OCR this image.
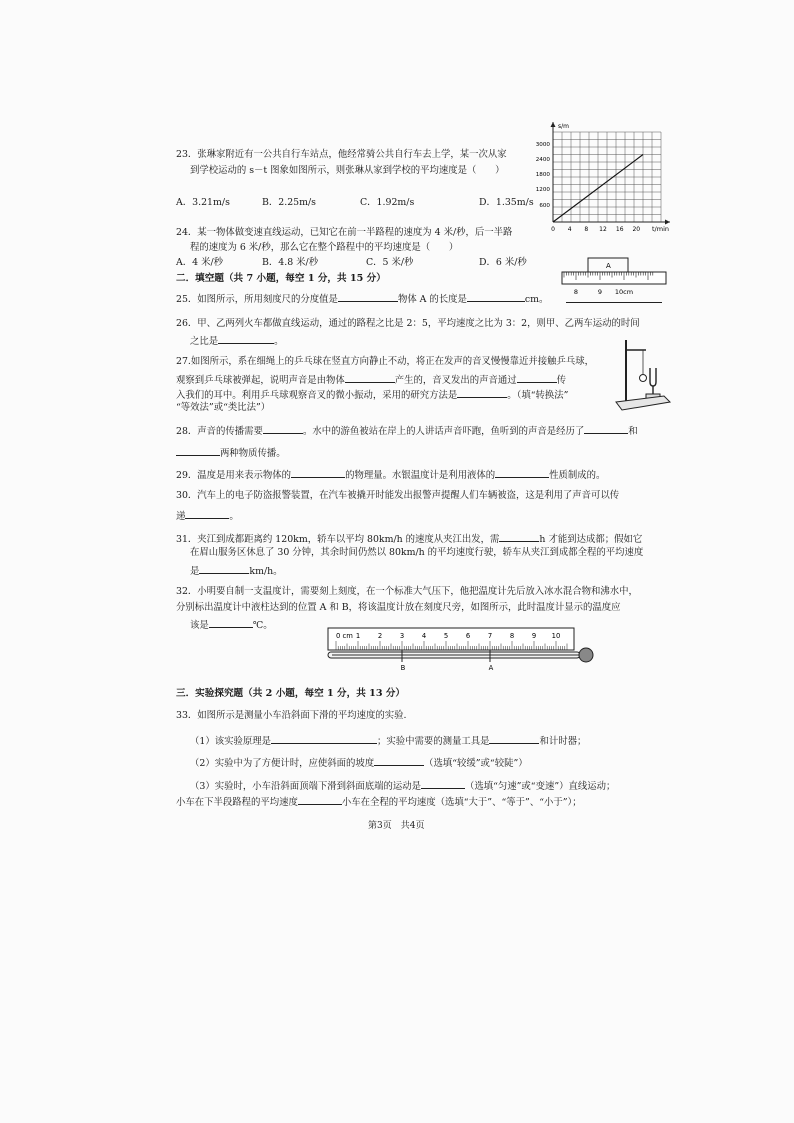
23．张琳家附近有一公共自行车站点，他经常骑公共自行车去上学，某一次从家
到学校运动的 s－t 图象如图所示，则张琳从家到学校的平均速度是（　　）
A．3.21m/s	B．2.25m/s	C．1.92m/s	D．1.35m/s
s/m
t/min
3000
2400
1800
1200
600
0 4 8 12 16 20
24．某一物体做变速直线运动，已知它在前一半路程的速度为 4 米/秒，后一半路
程的速度为 6 米/秒，那么它在整个路程中的平均速度是（　　）
A．4 米/秒	B．4.8 米/秒	C．5 米/秒	D．6 米/秒
二．填空题（共 7 小题，每空 1 分，共 15 分）
A
8	9 10cm
25．如图所示，所用刻度尺的分度值是	物体 A 的长度是	cm。
26．甲、乙两列火车都做直线运动，通过的路程之比是 2：5，平均速度之比为 3：2，则甲、乙两车运动的时间
之比是	。
27.如图所示，系在细绳上的乒乓球在竖直方向静止不动，将正在发声的音叉慢慢靠近并接触乒乓球，
观察到乒乓球被弹起，说明声音是由物体	产生的，音叉发出的声音通过	传
入我们的耳中。利用乒乓球观察音叉的微小振动，采用的研究方法是	。（填“转换法”
“等效法”或“类比法”）
28．声音的传播需要	。水中的游鱼被站在岸上的人讲话声音吓跑，鱼听到的声音是经历了	和
两种物质传播。
29．温度是用来表示物体的	的物理量。水银温度计是利用液体的	性质制成的。
30．汽车上的电子防盗报警装置，在汽车被撬开时能发出报警声提醒人们车辆被盗，这是利用了声音可以传
递	。
31．夹江到成都距离约 120km，轿车以平均 80km/h 的速度从夹江出发，需	h 才能到达成都；假如它
在眉山服务区休息了 30 分钟，其余时间仍然以 80km/h 的平均速度行驶，轿车从夹江到成都全程的平均速度
是	km/h。
32．小明要自制一支温度计，需要刻上刻度，在一个标准大气压下，他把温度计先后放入冰水混合物和沸水中，
分别标出温度计中液柱达到的位置 A 和 B，将该温度计放在刻度尺旁，如图所示，此时温度计显示的温度应
该是	℃。
0 cm 1	2	3	4	5	6	7	8	9 10
B	A
三．实验探究题（共 2 小题，每空 1 分，共 13 分）
33．如图所示是测量小车沿斜面下滑的平均速度的实验.
（1）该实验原理是	；实验中需要的测量工具是	和计时器；
（2）实验中为了方便计时，应使斜面的坡度	（选填“较缓”或“较陡”）
（3）实验时，小车沿斜面顶端下滑到斜面底端的运动是	（选填“匀速”或“变速”）直线运动；
小车在下半段路程的平均速度	小车在全程的平均速度（选填“大于”、“等于”、“小于”）；
第3页　共4页
